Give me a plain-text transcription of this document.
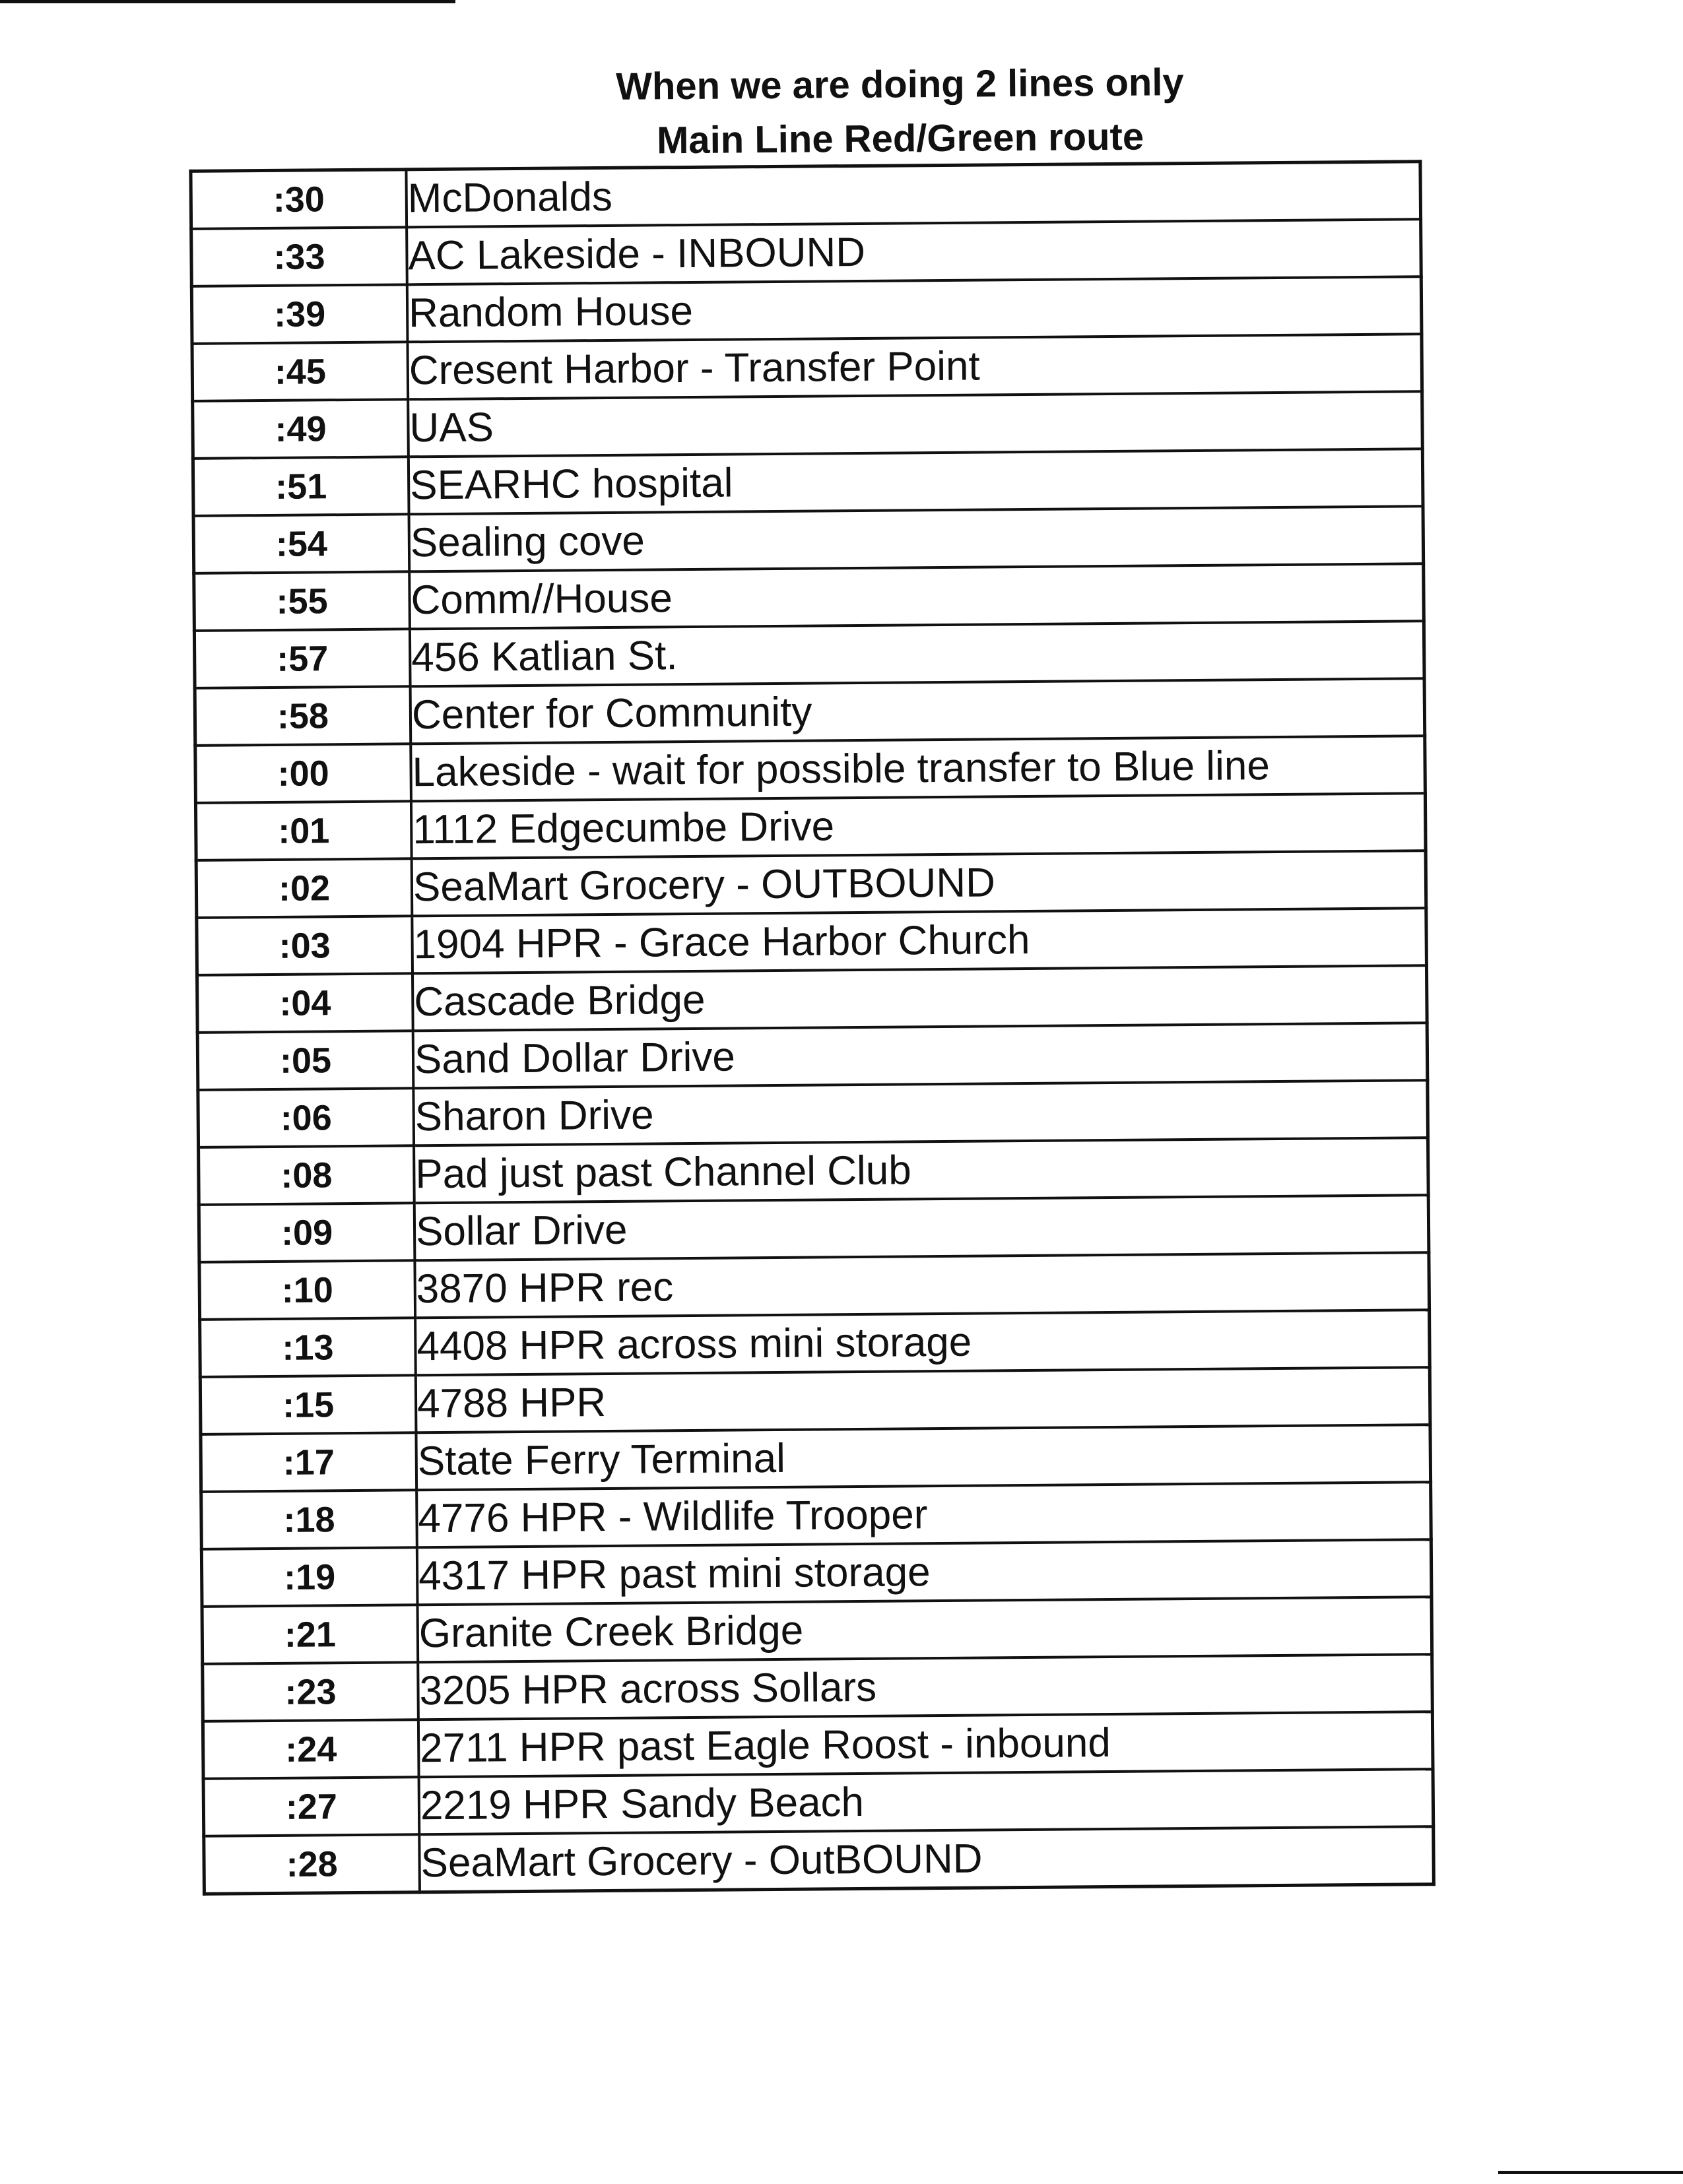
When we are doing 2 lines only
Main Line Red/Green route
:30	McDonalds
:33	AC Lakeside - INBOUND
:39	Random House
:45	Cresent Harbor - Transfer Point
:49	UAS
:51	SEARHC hospital
:54	Sealing cove
:55	Comm//House
:57	456 Katlian St.
:58	Center for Community
:00	Lakeside - wait for possible transfer to Blue line
:01	1112 Edgecumbe Drive
:02	SeaMart Grocery - OUTBOUND
:03	1904 HPR - Grace Harbor Church
:04	Cascade Bridge
:05	Sand Dollar Drive
:06	Sharon Drive
:08	Pad just past Channel Club
:09	Sollar Drive
:10	3870 HPR rec
:13	4408 HPR across mini storage
:15	4788 HPR
:17	State Ferry Terminal
:18	4776 HPR - Wildlife Trooper
:19	4317 HPR past mini storage
:21	Granite Creek Bridge
:23	3205 HPR across Sollars
:24	2711 HPR past Eagle Roost - inbound
:27	2219 HPR Sandy Beach
:28	SeaMart Grocery - OutBOUND
